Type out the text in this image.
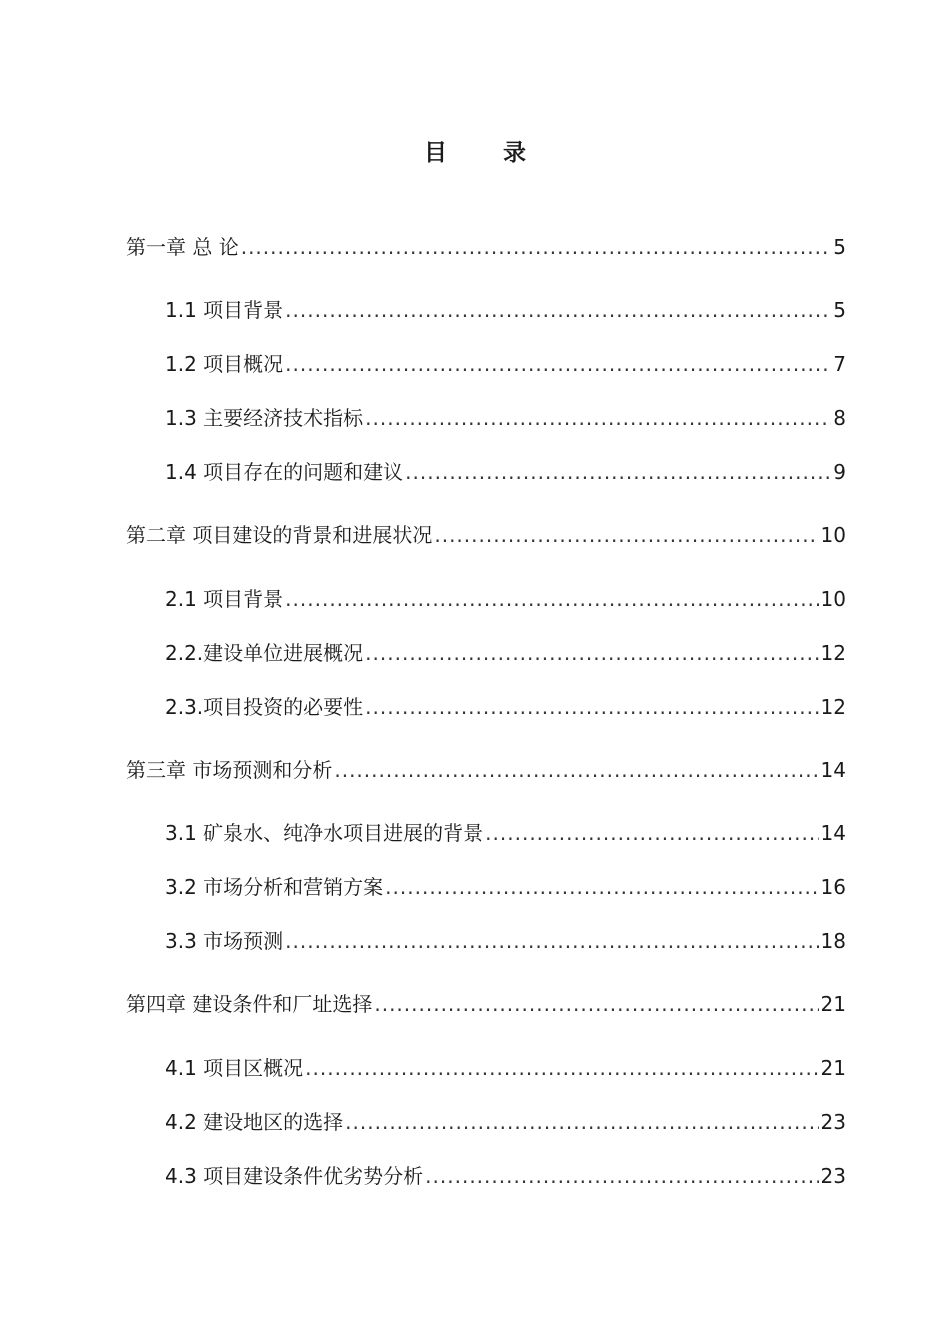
目 录
第一章 总 论 .....	5
1.1 项目背景 .....	5
1.2 项目概况 .....	7
1.3 主要经济技术指标 .....	8
1.4 项目存在的问题和建议 .....	9
第二章 项目建设的背景和进展状况 .....	10
2.1 项目背景 .....	10
2.2.建设单位进展概况 .....	12
2.3.项目投资的必要性 .....	12
第三章 市场预测和分析 .....	14
3.1 矿泉水、纯净水项目进展的背景 .....	14
3.2 市场分析和营销方案 .....	16
3.3 市场预测 .....	18
第四章 建设条件和厂址选择 .....	21
4.1 项目区概况 .....	21
4.2 建设地区的选择 .....	23
4.3 项目建设条件优劣势分析 .....	23
